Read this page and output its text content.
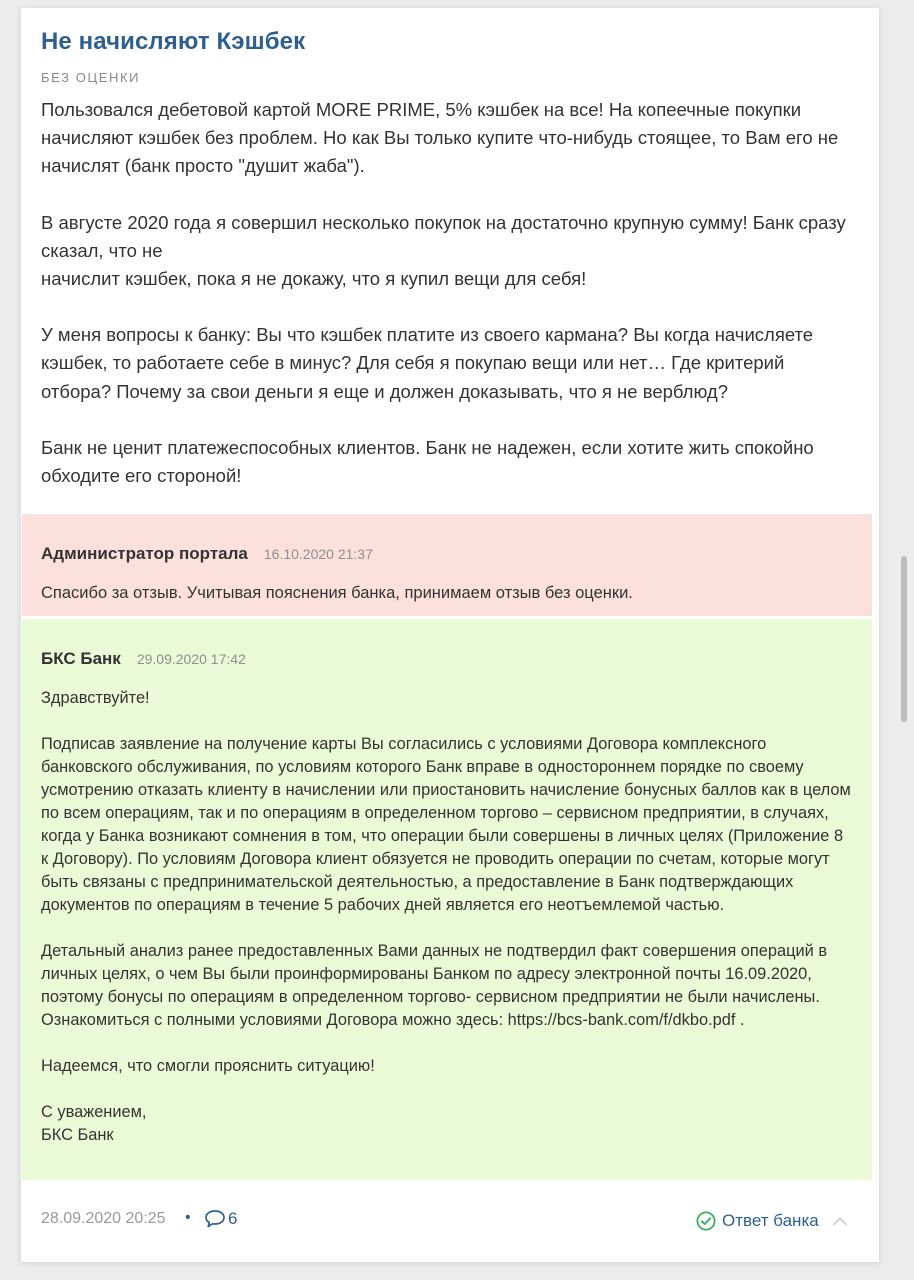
Не начисляют Кэшбек
БЕЗ ОЦЕНКИ

Пользовался дебетовой картой MORE PRIME, 5% кэшбек на все! На копеечные покупки начисляют кэшбек без проблем. Но как Вы только купите что-нибудь стоящее, то Вам его не начислят (банк просто "душит жаба").

В августе 2020 года я совершил несколько покупок на достаточно крупную сумму! Банк сразу сказал, что не

начислит кэшбек, пока я не докажу, что я купил вещи для себя!

У меня вопросы к банку: Вы что кэшбек платите из своего кармана? Вы когда начисляете кэшбек, то работаете себе в минус? Для себя я покупаю вещи или нет… Где критерий отбора? Почему за свои деньги я еще и должен доказывать, что я не верблюд?

Банк не ценит платежеспособных клиентов. Банк не надежен, если хотите жить спокойно обходите его стороной!

Администратор портала 16.10.2020 21:37
Спасибо за отзыв. Учитывая пояснения банка, принимаем отзыв без оценки.
БКС Банк 29.09.2020 17:42

Здравствуйте!

Подписав заявление на получение карты Вы согласились с условиями Договора комплексного банковского обслуживания, по условиям которого Банк вправе в одностороннем порядке по своему усмотрению отказать клиенту в начислении или приостановить начисление бонусных баллов как в целом по всем операциям, так и по операциям в определенном торгово – сервисном предприятии, в случаях, когда у Банка возникают сомнения в том, что операции были совершены в личных целях (Приложение 8 к Договору). По условиям Договора клиент обязуется не проводить операции по счетам, которые могут быть связаны с предпринимательской деятельностью, а предоставление в Банк подтверждающих документов по операциям в течение 5 рабочих дней является его неотъемлемой частью.

Детальный анализ ранее предоставленных Вами данных не подтвердил факт совершения операций в личных целях, о чем Вы были проинформированы Банком по адресу электронной почты 16.09.2020, поэтому бонусы по операциям в определенном торгово- сервисном предприятии не были начислены. Ознакомиться с полными условиями Договора можно здесь: https://bcs-bank.com/f/dkbo.pdf .

Надеемся, что смогли прояснить ситуацию!

С уважением,

БКС Банк

28.09.2020 20:25 • 6	Ответ банка
